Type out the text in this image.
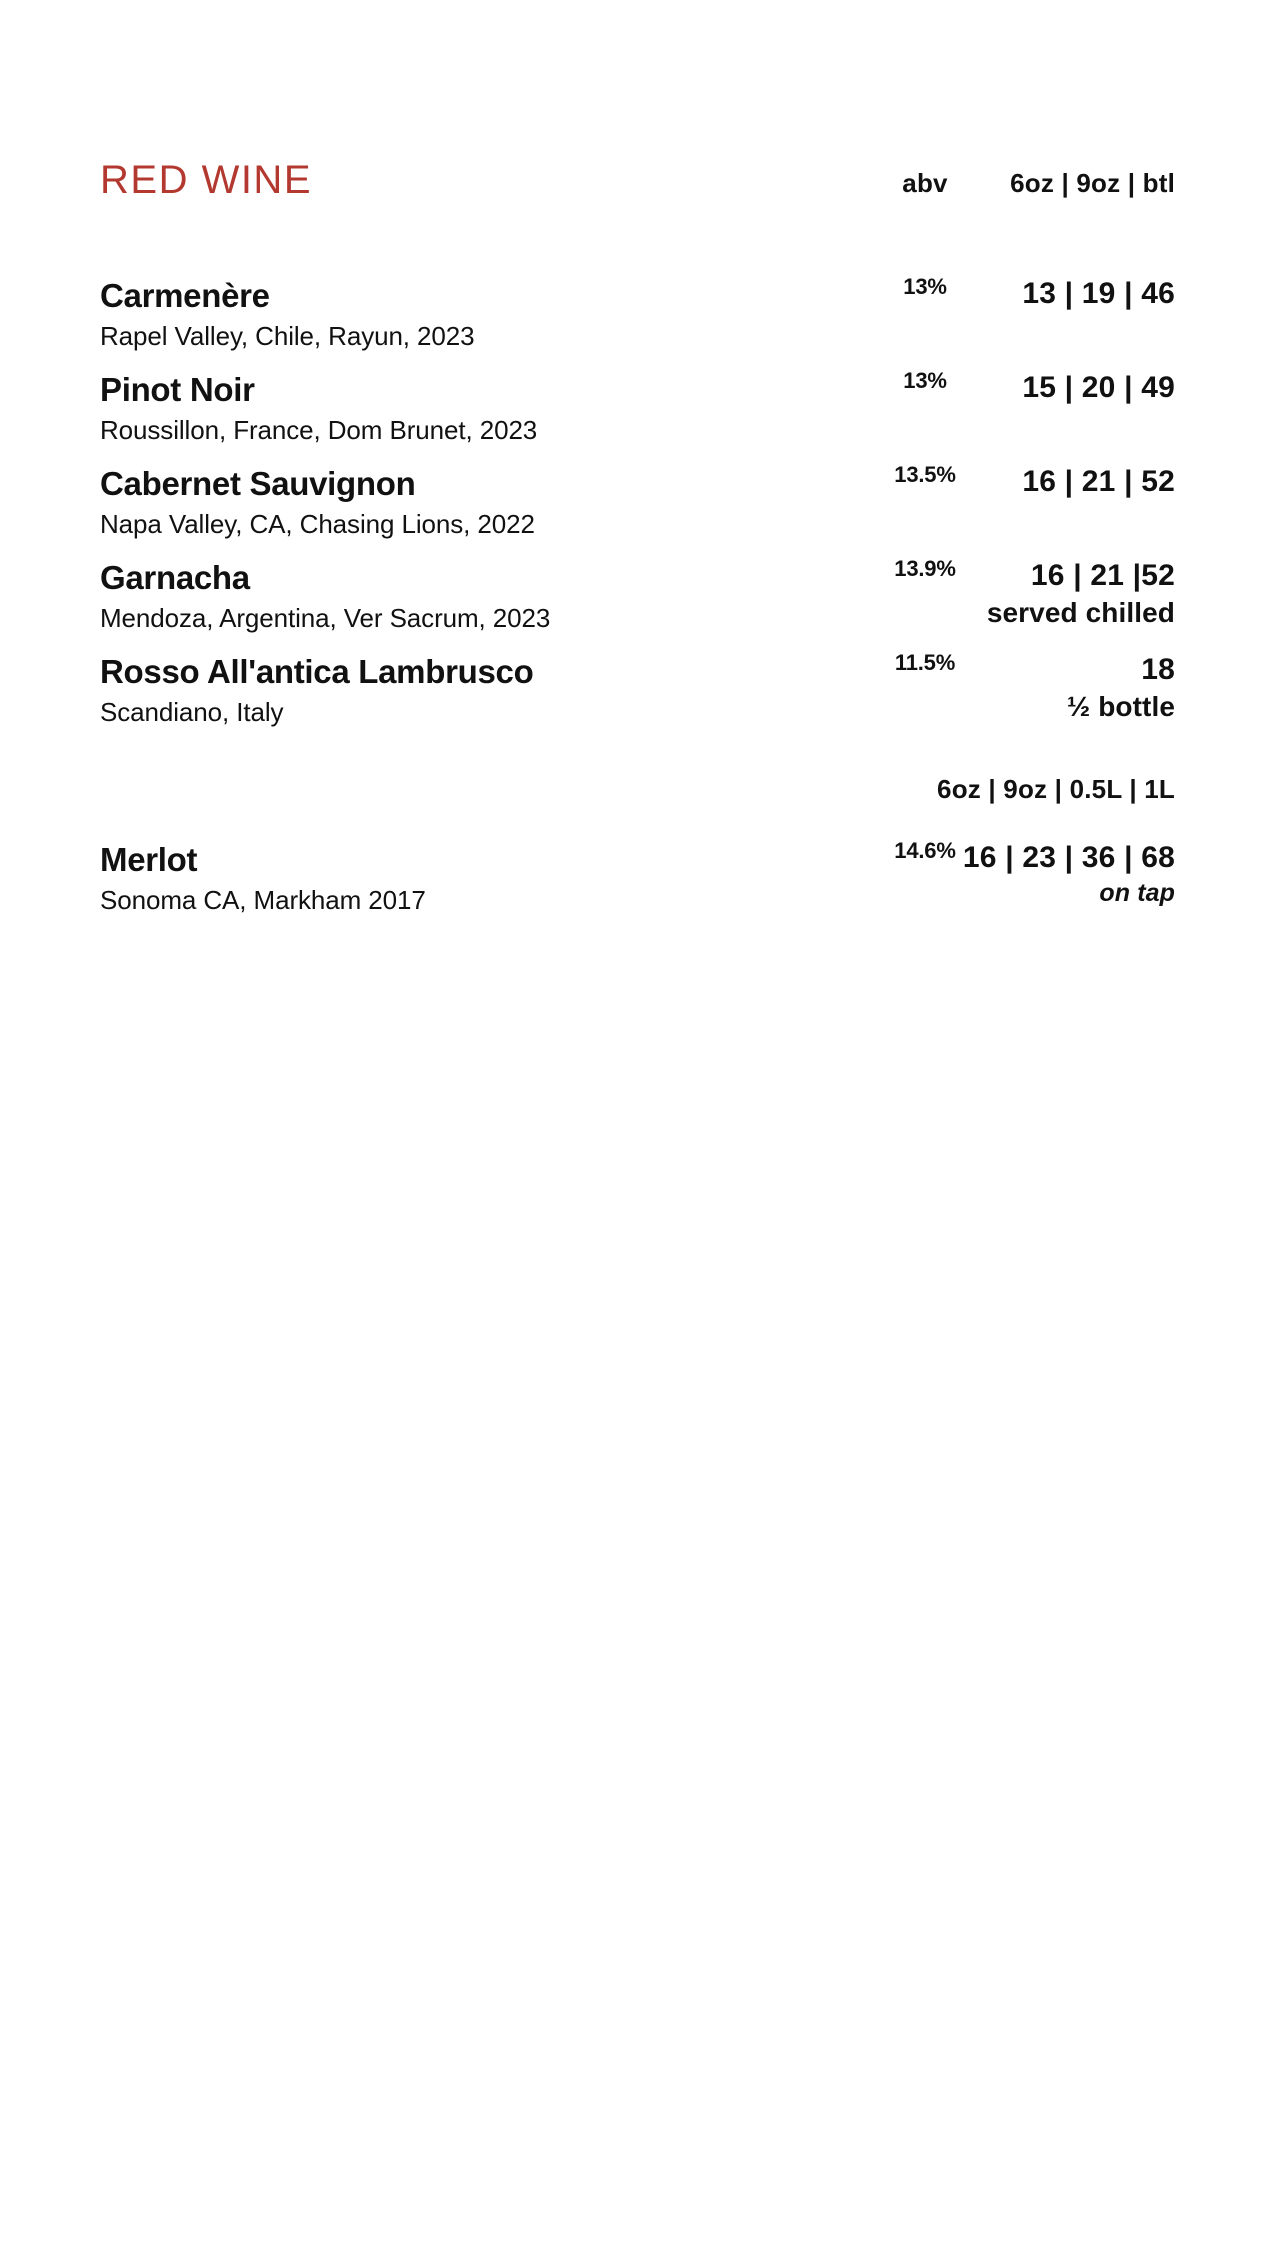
RED WINE	abv	6oz | 9oz | btl
Carmenère
Rapel Valley, Chile, Rayun, 2023
13%	13 | 19 | 46
Pinot Noir
Roussillon, France, Dom Brunet, 2023
13%	15 | 20 | 49
Cabernet Sauvignon
Napa Valley, CA, Chasing Lions, 2022
13.5%	16 | 21 | 52
Garnacha
Mendoza, Argentina, Ver Sacrum, 2023
13.9%	16 | 21 |52
served chilled
Rosso All'antica Lambrusco
Scandiano, Italy
11.5%	18
½ bottle
6oz | 9oz | 0.5L | 1L
Merlot
Sonoma CA, Markham 2017
14.6% 16 | 23 | 36 | 68
on tap
